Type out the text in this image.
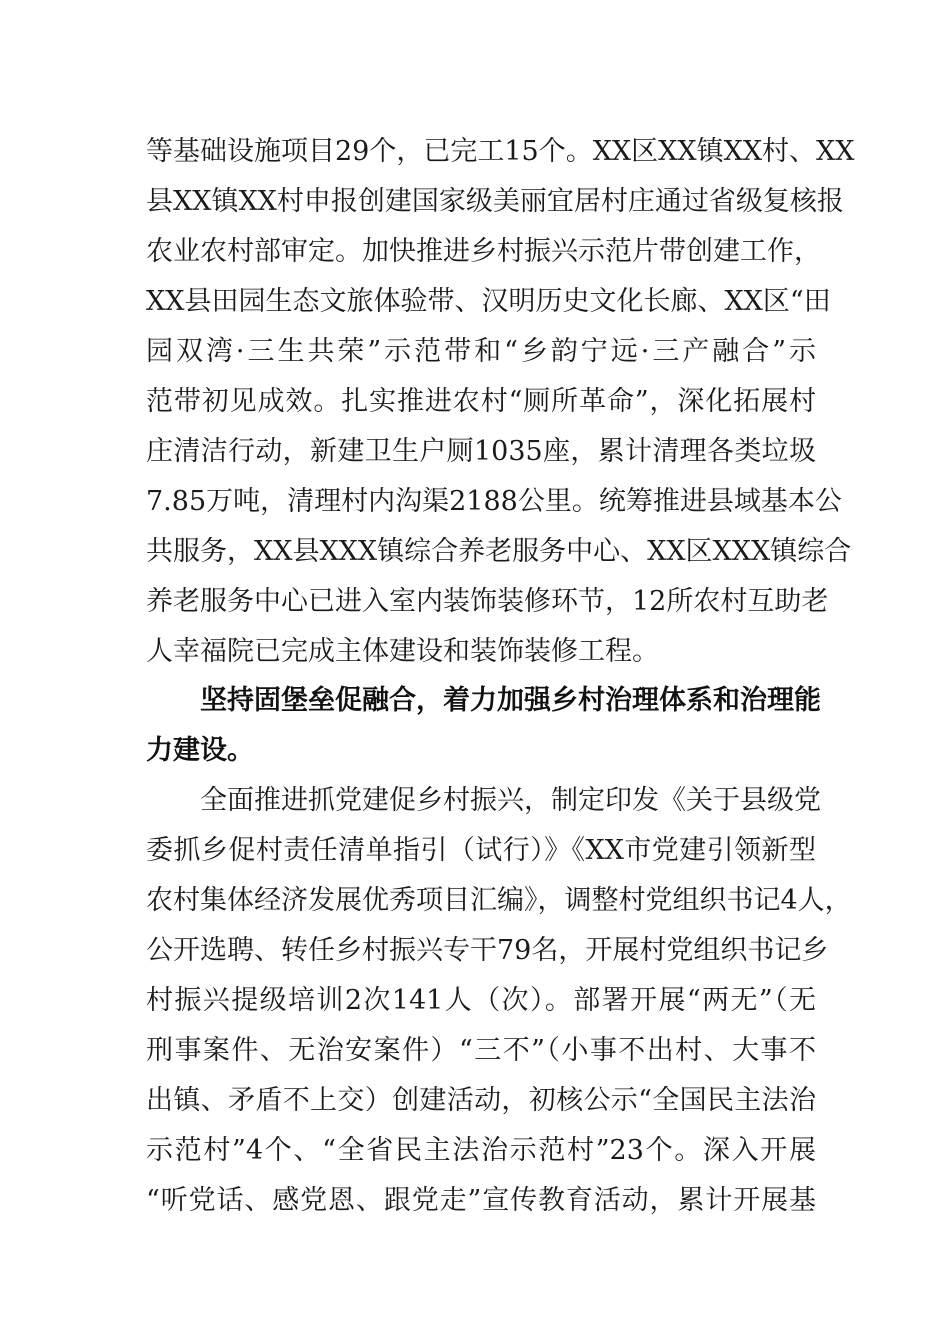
等基础设施项目29个，已完工15个。XX区XX镇XX村、XX
县XX镇XX村申报创建国家级美丽宜居村庄通过省级复核报
农业农村部审定。加快推进乡村振兴示范片带创建工作，
XX县田园生态文旅体验带、汉明历史文化长廊、XX区“田
园双湾·三生共荣”示范带和“乡韵宁远·三产融合”示
范带初见成效。扎实推进农村“厕所革命”，深化拓展村
庄清洁行动，新建卫生户厕1035座，累计清理各类垃圾
7.85万吨，清理村内沟渠2188公里。统筹推进县域基本公
共服务，XX县XXX镇综合养老服务中心、XX区XXX镇综合
养老服务中心已进入室内装饰装修环节，12所农村互助老
人幸福院已完成主体建设和装饰装修工程。
坚持固堡垒促融合，着力加强乡村治理体系和治理能
力建设。
全面推进抓党建促乡村振兴，制定印发《关于县级党
委抓乡促村责任清单指引（试行）》《XX市党建引领新型
农村集体经济发展优秀项目汇编》，调整村党组织书记4人，
公开选聘、转任乡村振兴专干79名，开展村党组织书记乡
村振兴提级培训2次141人（次）。部署开展“两无”（无
刑事案件、无治安案件）“三不”（小事不出村、大事不
出镇、矛盾不上交）创建活动，初核公示“全国民主法治
示范村”4个、“全省民主法治示范村”23个。深入开展
“听党话、感党恩、跟党走”宣传教育活动，累计开展基
